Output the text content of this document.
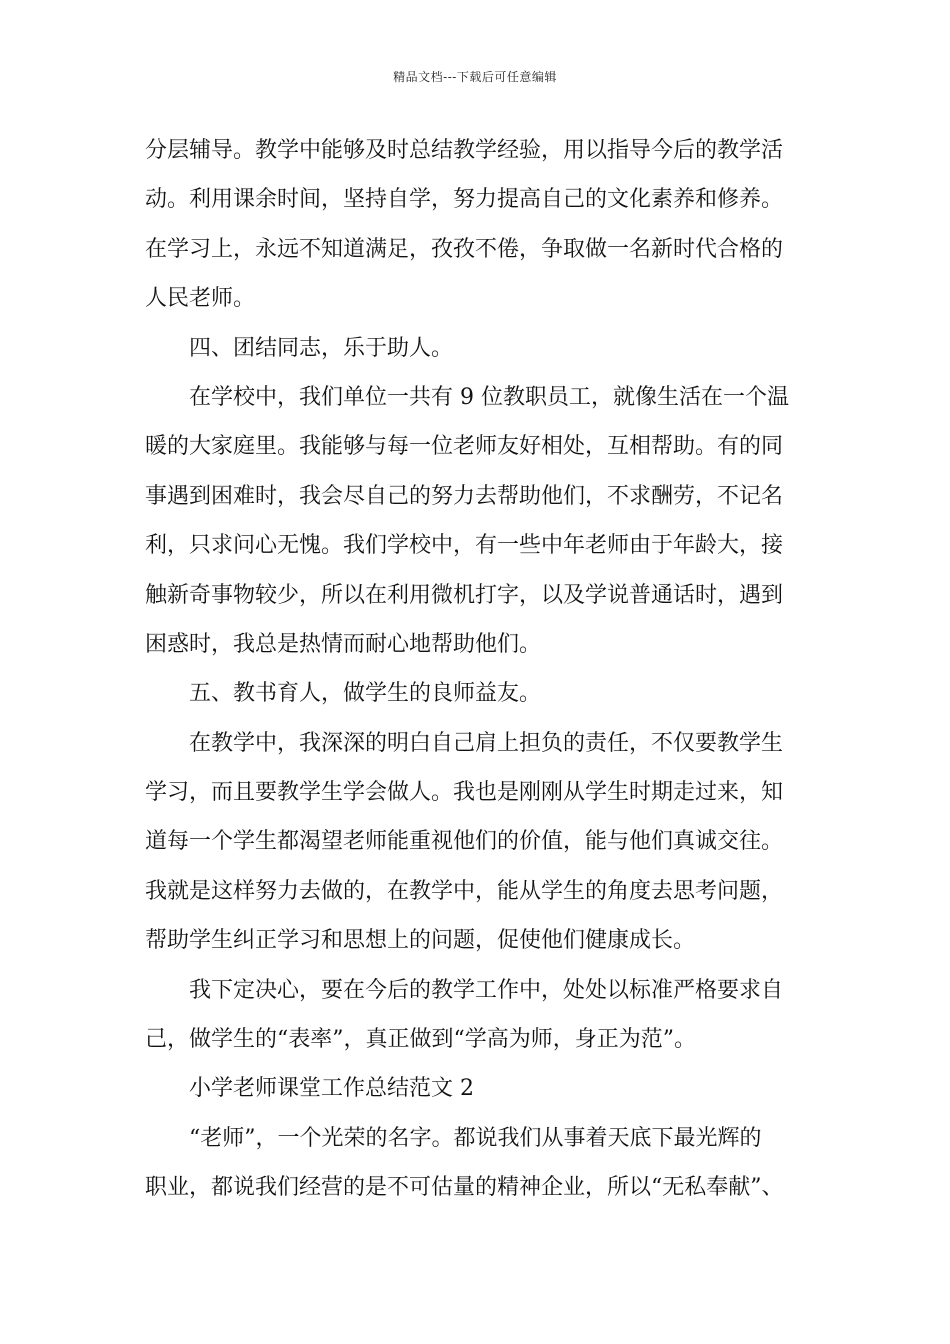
精品文档---下载后可任意编辑
分层辅导。教学中能够及时总结教学经验，用以指导今后的教学活
动。利用课余时间，坚持自学，努力提高自己的文化素养和修养。
在学习上，永远不知道满足，孜孜不倦，争取做一名新时代合格的
人民老师。
四、团结同志，乐于助人。
在学校中，我们单位一共有 9 位教职员工，就像生活在一个温
暖的大家庭里。我能够与每一位老师友好相处，互相帮助。有的同
事遇到困难时，我会尽自己的努力去帮助他们，不求酬劳，不记名
利，只求问心无愧。我们学校中，有一些中年老师由于年龄大，接
触新奇事物较少，所以在利用微机打字，以及学说普通话时，遇到
困惑时，我总是热情而耐心地帮助他们。
五、教书育人，做学生的良师益友。
在教学中，我深深的明白自己肩上担负的责任，不仅要教学生
学习，而且要教学生学会做人。我也是刚刚从学生时期走过来，知
道每一个学生都渴望老师能重视他们的价值，能与他们真诚交往。
我就是这样努力去做的，在教学中，能从学生的角度去思考问题，
帮助学生纠正学习和思想上的问题，促使他们健康成长。
我下定决心，要在今后的教学工作中，处处以标准严格要求自
己，做学生的“表率”，真正做到“学高为师，身正为范”。
小学老师课堂工作总结范文 2
“老师”，一个光荣的名字。都说我们从事着天底下最光辉的
职业，都说我们经营的是不可估量的精神企业，所以“无私奉献”、
